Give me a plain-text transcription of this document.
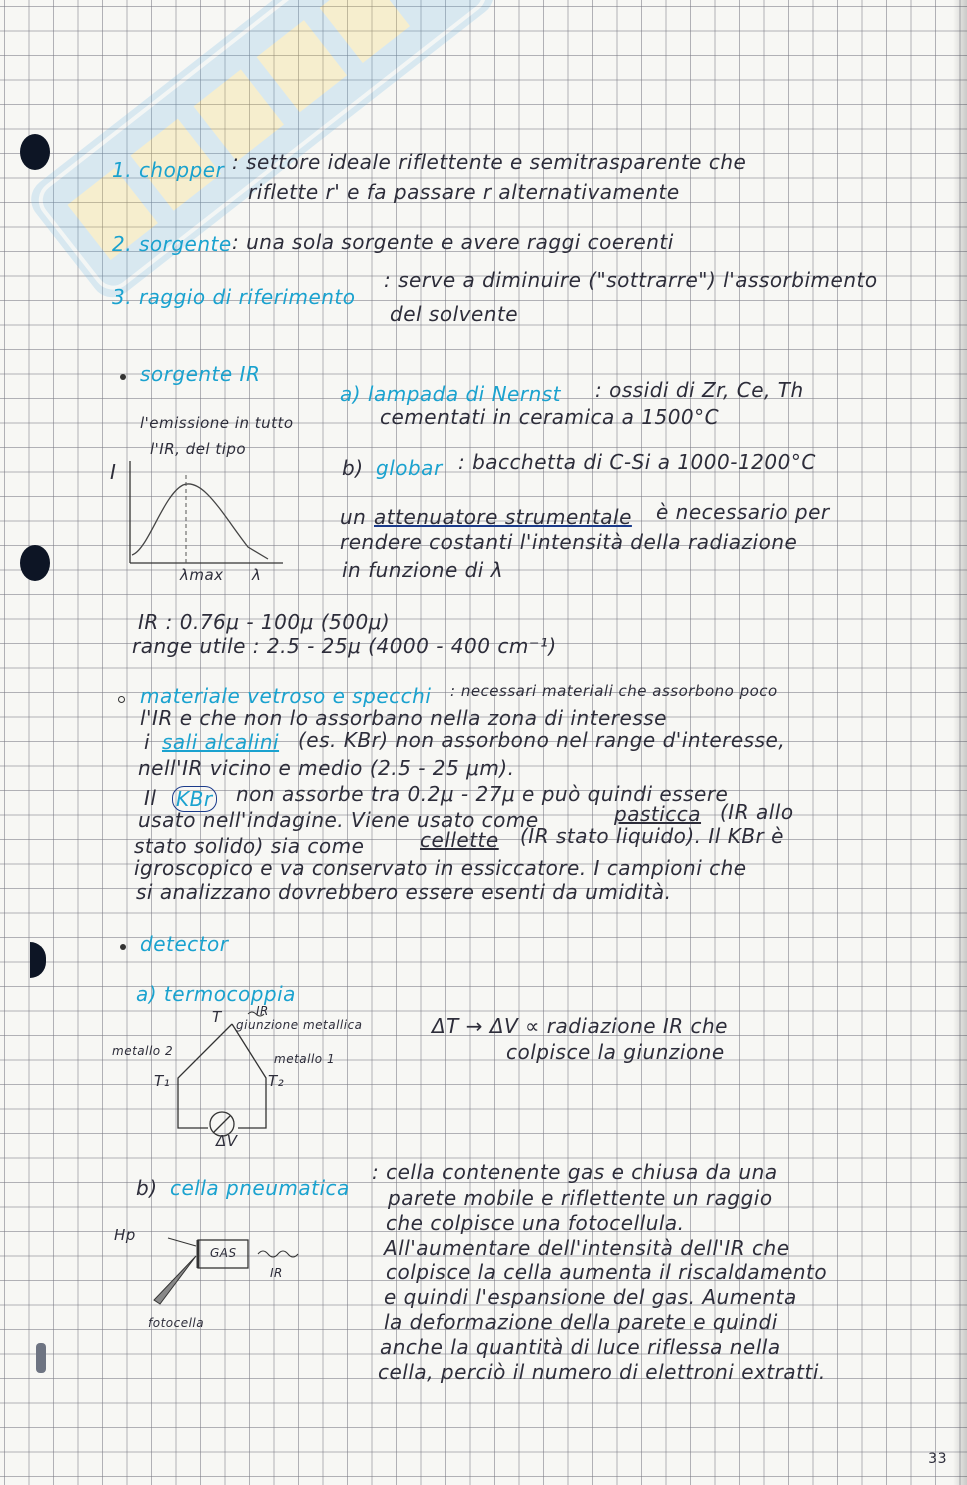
1. chopper : settore ideale riflettente e semitrasparente che
riflette r' e fa passare r alternativamente
2. sorgente : una sola sorgente e avere raggi coerenti
3. raggio di riferimento
: serve a diminuire ("sottrarre") l'assorbimento
del solvente
sorgente IR
l'emissione in tutto
l'IR, del tipo
I
λmax λ
a) lampada di Nernst : ossidi di Zr, Ce, Th
cementati in ceramica a 1500°C
b) globar : bacchetta di C-Si a 1000-1200°C
un attenuatore strumentale è necessario per
rendere costanti l'intensità della radiazione
in funzione di λ
IR : 0.76μ - 100μ (500μ)
range utile : 2.5 - 25μ (4000 - 400 cm⁻¹)
materiale vetroso e specchi : necessari materiali che assorbono poco
l'IR e che non lo assorbano nella zona di interesse
i sali alcalini (es. KBr) non assorbono nel range d'interesse,
nell'IR vicino e medio (2.5 - 25 μm).
Il KBr non assorbe tra 0.2μ - 27μ e può quindi essere
usato nell'indagine. Viene usato come	pasticca (IR allo
stato solido) sia come	cellette (IR stato liquido). Il KBr è
igroscopico e va conservato in essiccatore. I campioni che
si analizzano dovrebbero essere esenti da umidità.
detector
a) termocoppia
IR
T giunzione metallica
metallo 2
metallo 1
T₁	T₂
ΔV
ΔT → ΔV ∝ radiazione IR che
colpisce la giunzione
b) cella pneumatica
: cella contenente gas e chiusa da una
parete mobile e riflettente un raggio
che colpisce una fotocellula.
All'aumentare dell'intensità dell'IR che
colpisce la cella aumenta il riscaldamento
e quindi l'espansione del gas. Aumenta
la deformazione della parete e quindi
anche la quantità di luce riflessa nella
cella, perciò il numero di elettroni extratti.
Hp
GAS
IR
fotocella
33
